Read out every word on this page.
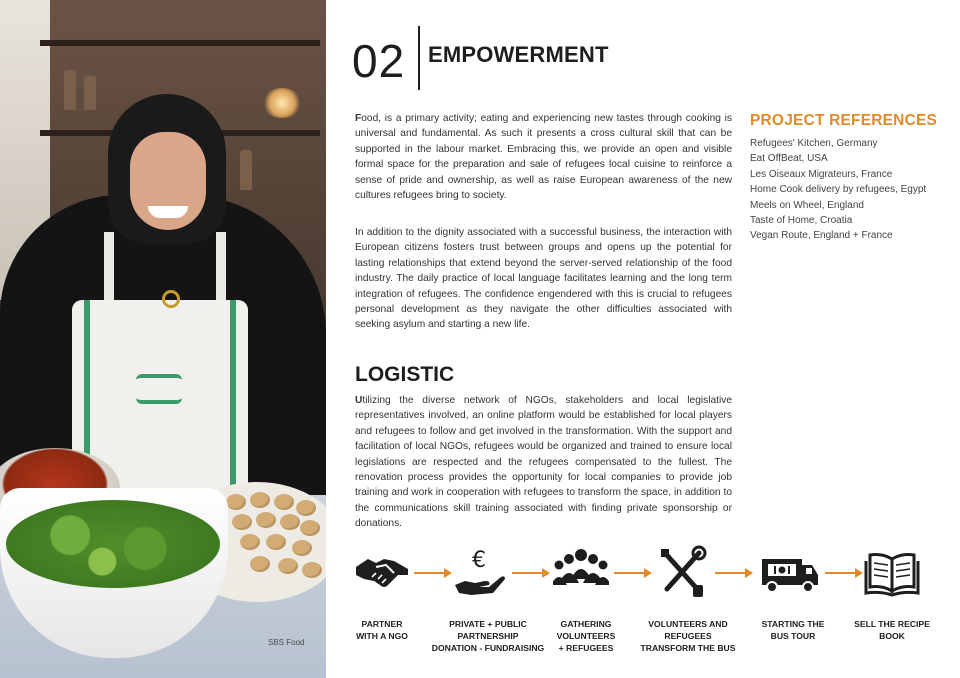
SBS Food
02 EMPOWERMENT

Food, is a primary activity; eating and experiencing new tastes through cooking is universal and fundamental. As such it presents a cross cultural skill that can be supported in the labour market. Embracing this, we provide an open and visible formal space for the preparation and sale of refugees local cuisine to reinforce a sense of pride and ownership, as well as raise European awareness of the new cultures refugees bring to society.

In addition to the dignity associated with a successful business, the interaction with European citizens fosters trust between groups and opens up the potential for lasting relationships that extend beyond the server-served relationship of the food industry. The daily practice of local language facilitates learning and the long term integration of refugees. The confidence engendered with this is crucial to refugees personal development as they navigate the other difficulties associated with seeking asylum and starting a new life.

PROJECT REFERENCES
Refugees' Kitchen, Germany
Eat OffBeat, USA
Les Oiseaux Migrateurs, France
Home Cook delivery by refugees, Egypt
Meels on Wheel, England
Taste of Home, Croatia
Vegan Route, England + France
LOGISTIC

Utilizing the diverse network of NGOs, stakeholders and local legislative representatives involved, an online platform would be established for local players and refugees to follow and get involved in the transformation. With the support and facilitation of local NGOs, refugees would be organized and trained to ensure local legislations are respected and the refugees compensated to the fullest. The renovation process provides the opportunity for local companies to provide job training and work in cooperation with refugees to transform the space, in addition to the communications skill training associated with finding private sponsorship or donations.

€
PARTNER
WITH A NGO
PRIVATE + PUBLIC
PARTNERSHIP
DONATION - FUNDRAISING
GATHERING
VOLUNTEERS
+ REFUGEES
VOLUNTEERS AND
REFUGEES
TRANSFORM THE BUS
STARTING THE
BUS TOUR
SELL THE RECIPE
BOOK
